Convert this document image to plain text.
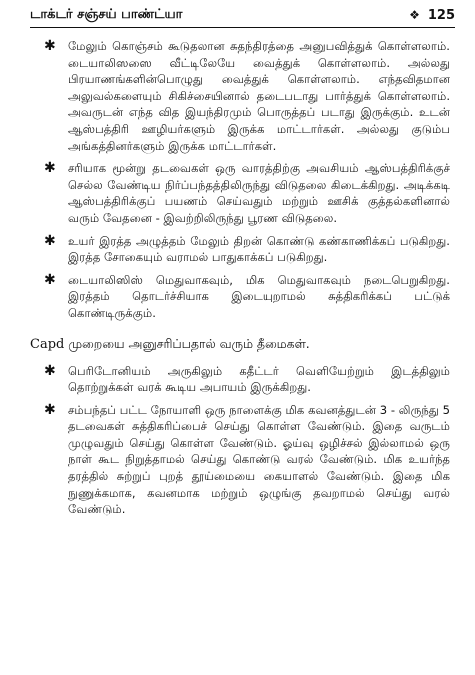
டாக்டர் சஞ்சய் பாண்ட்யா	❖ 125
✱ மேலும் கொஞ்சம் கூடுதலான சுதந்திரத்தை அனுபவித்துக் கொள்ளலாம். டையாலிஸஸை வீட்டிலேயே வைத்துக் கொள்ளலாம். அல்லது பிரயாணங்களின்பொழுது வைத்துக் கொள்ளலாம். எந்தவிதமான அலுவல்களையும் சிகிச்சையினால் தடைபடாது பார்த்துக் கொள்ளலாம். அவருடன் எந்த வித இயந்திரமும் பொருத்தப் படாது இருக்கும். உடன் ஆஸ்பத்திரி ஊழியர்களும் இருக்க மாட்டார்கள். அல்லது குடும்ப அங்கத்தினர்களும் இருக்க மாட்டார்கள்.
✱ சரியாக மூன்று தடவைகள் ஒரு வாரத்திற்கு அவசியம் ஆஸ்பத்திரிக்குச் செல்ல வேண்டிய நிர்ப்பந்தத்திலிருந்து விடுதலை கிடைக்கிறது. அடிக்கடி ஆஸ்பத்திரிக்குப் பயணம் செய்வதும் மற்றும் ஊசிக் குத்தல்களினால் வரும் வேதனை - இவற்றிலிருந்து பூரண விடுதலை.
✱ உயர் இரத்த அழுத்தம் மேலும் திறன் கொண்டு கண்காணிக்கப் படுகிறது. இரத்த சோகையும் வராமல் பாதுகாக்கப் படுகிறது.
✱ டையாலிஸிஸ் மெதுவாகவும், மிக மெதுவாகவும் நடைபெறுகிறது. இரத்தம் தொடர்ச்சியாக இடையுறாமல் சுத்திகரிக்கப் பட்டுக் கொண்டிருக்கும்.
Capd முறையை அனுசரிப்பதால் வரும் தீமைகள்.
✱ பெரிடோனியம் அருகிலும் கதீட்டர் வெளியேற்றும் இடத்திலும் தொற்றுக்கள் வரக் கூடிய அபாயம் இருக்கிறது.
✱ சம்பந்தப் பட்ட நோயாளி ஒரு நாளைக்கு மிக கவனத்துடன் 3 - லிருந்து 5 தடவைகள் சுத்திகரிப்பைச் செய்து கொள்ள வேண்டும். இதை வருடம் முழுவதும் செய்து கொள்ள வேண்டும். ஓய்வு ஒழிச்சல் இல்லாமல் ஒரு நாள் கூட நிறுத்தாமல் செய்து கொண்டு வரல் வேண்டும். மிக உயர்ந்த தரத்தில் சுற்றுப் புறத் தூய்மையை கையாளல் வேண்டும். இதை மிக நுணுக்கமாக, கவனமாக மற்றும் ஒழுங்கு தவறாமல் செய்து வரல் வேண்டும்.
